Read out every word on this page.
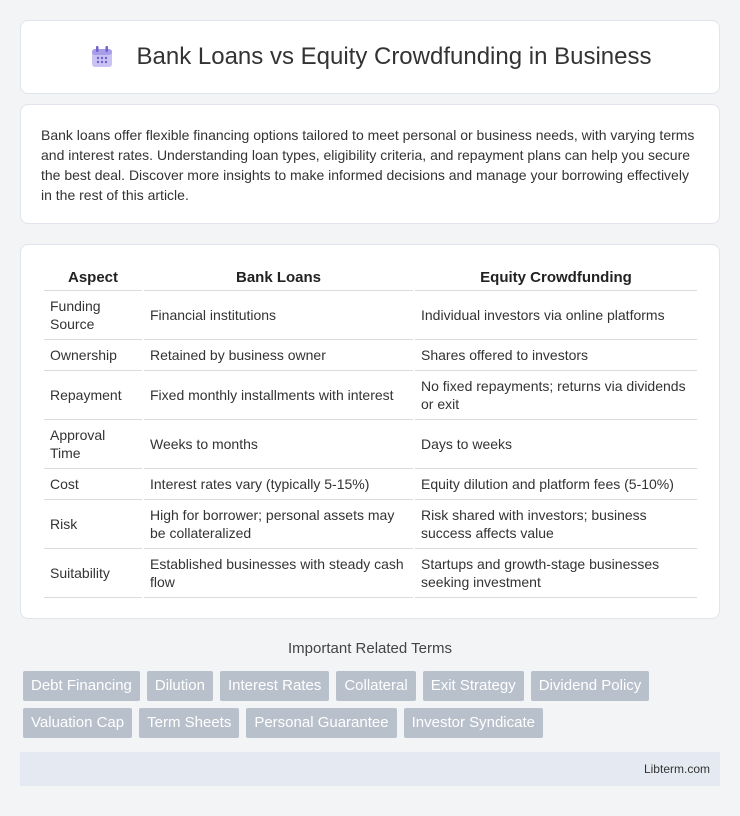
Bank Loans vs Equity Crowdfunding in Business

Bank loans offer flexible financing options tailored to meet personal or business needs, with varying terms and interest rates. Understanding loan types, eligibility criteria, and repayment plans can help you secure the best deal. Discover more insights to make informed decisions and manage your borrowing effectively in the rest of this article.

Aspect	Bank Loans	Equity Crowdfunding
Funding Source	Financial institutions	Individual investors via online platforms
Ownership	Retained by business owner	Shares offered to investors
Repayment	Fixed monthly installments with interest	No fixed repayments; returns via dividends or exit
Approval Time	Weeks to months	Days to weeks
Cost	Interest rates vary (typically 5-15%)	Equity dilution and platform fees (5-10%)
Risk	High for borrower; personal assets may be collateralized	Risk shared with investors; business success affects value
Suitability	Established businesses with steady cash flow	Startups and growth-stage businesses seeking investment
Important Related Terms
Debt Financing	Dilution	Interest Rates	Collateral	Exit Strategy	Dividend Policy
Valuation Cap	Term Sheets	Personal Guarantee	Investor Syndicate
Libterm.com
